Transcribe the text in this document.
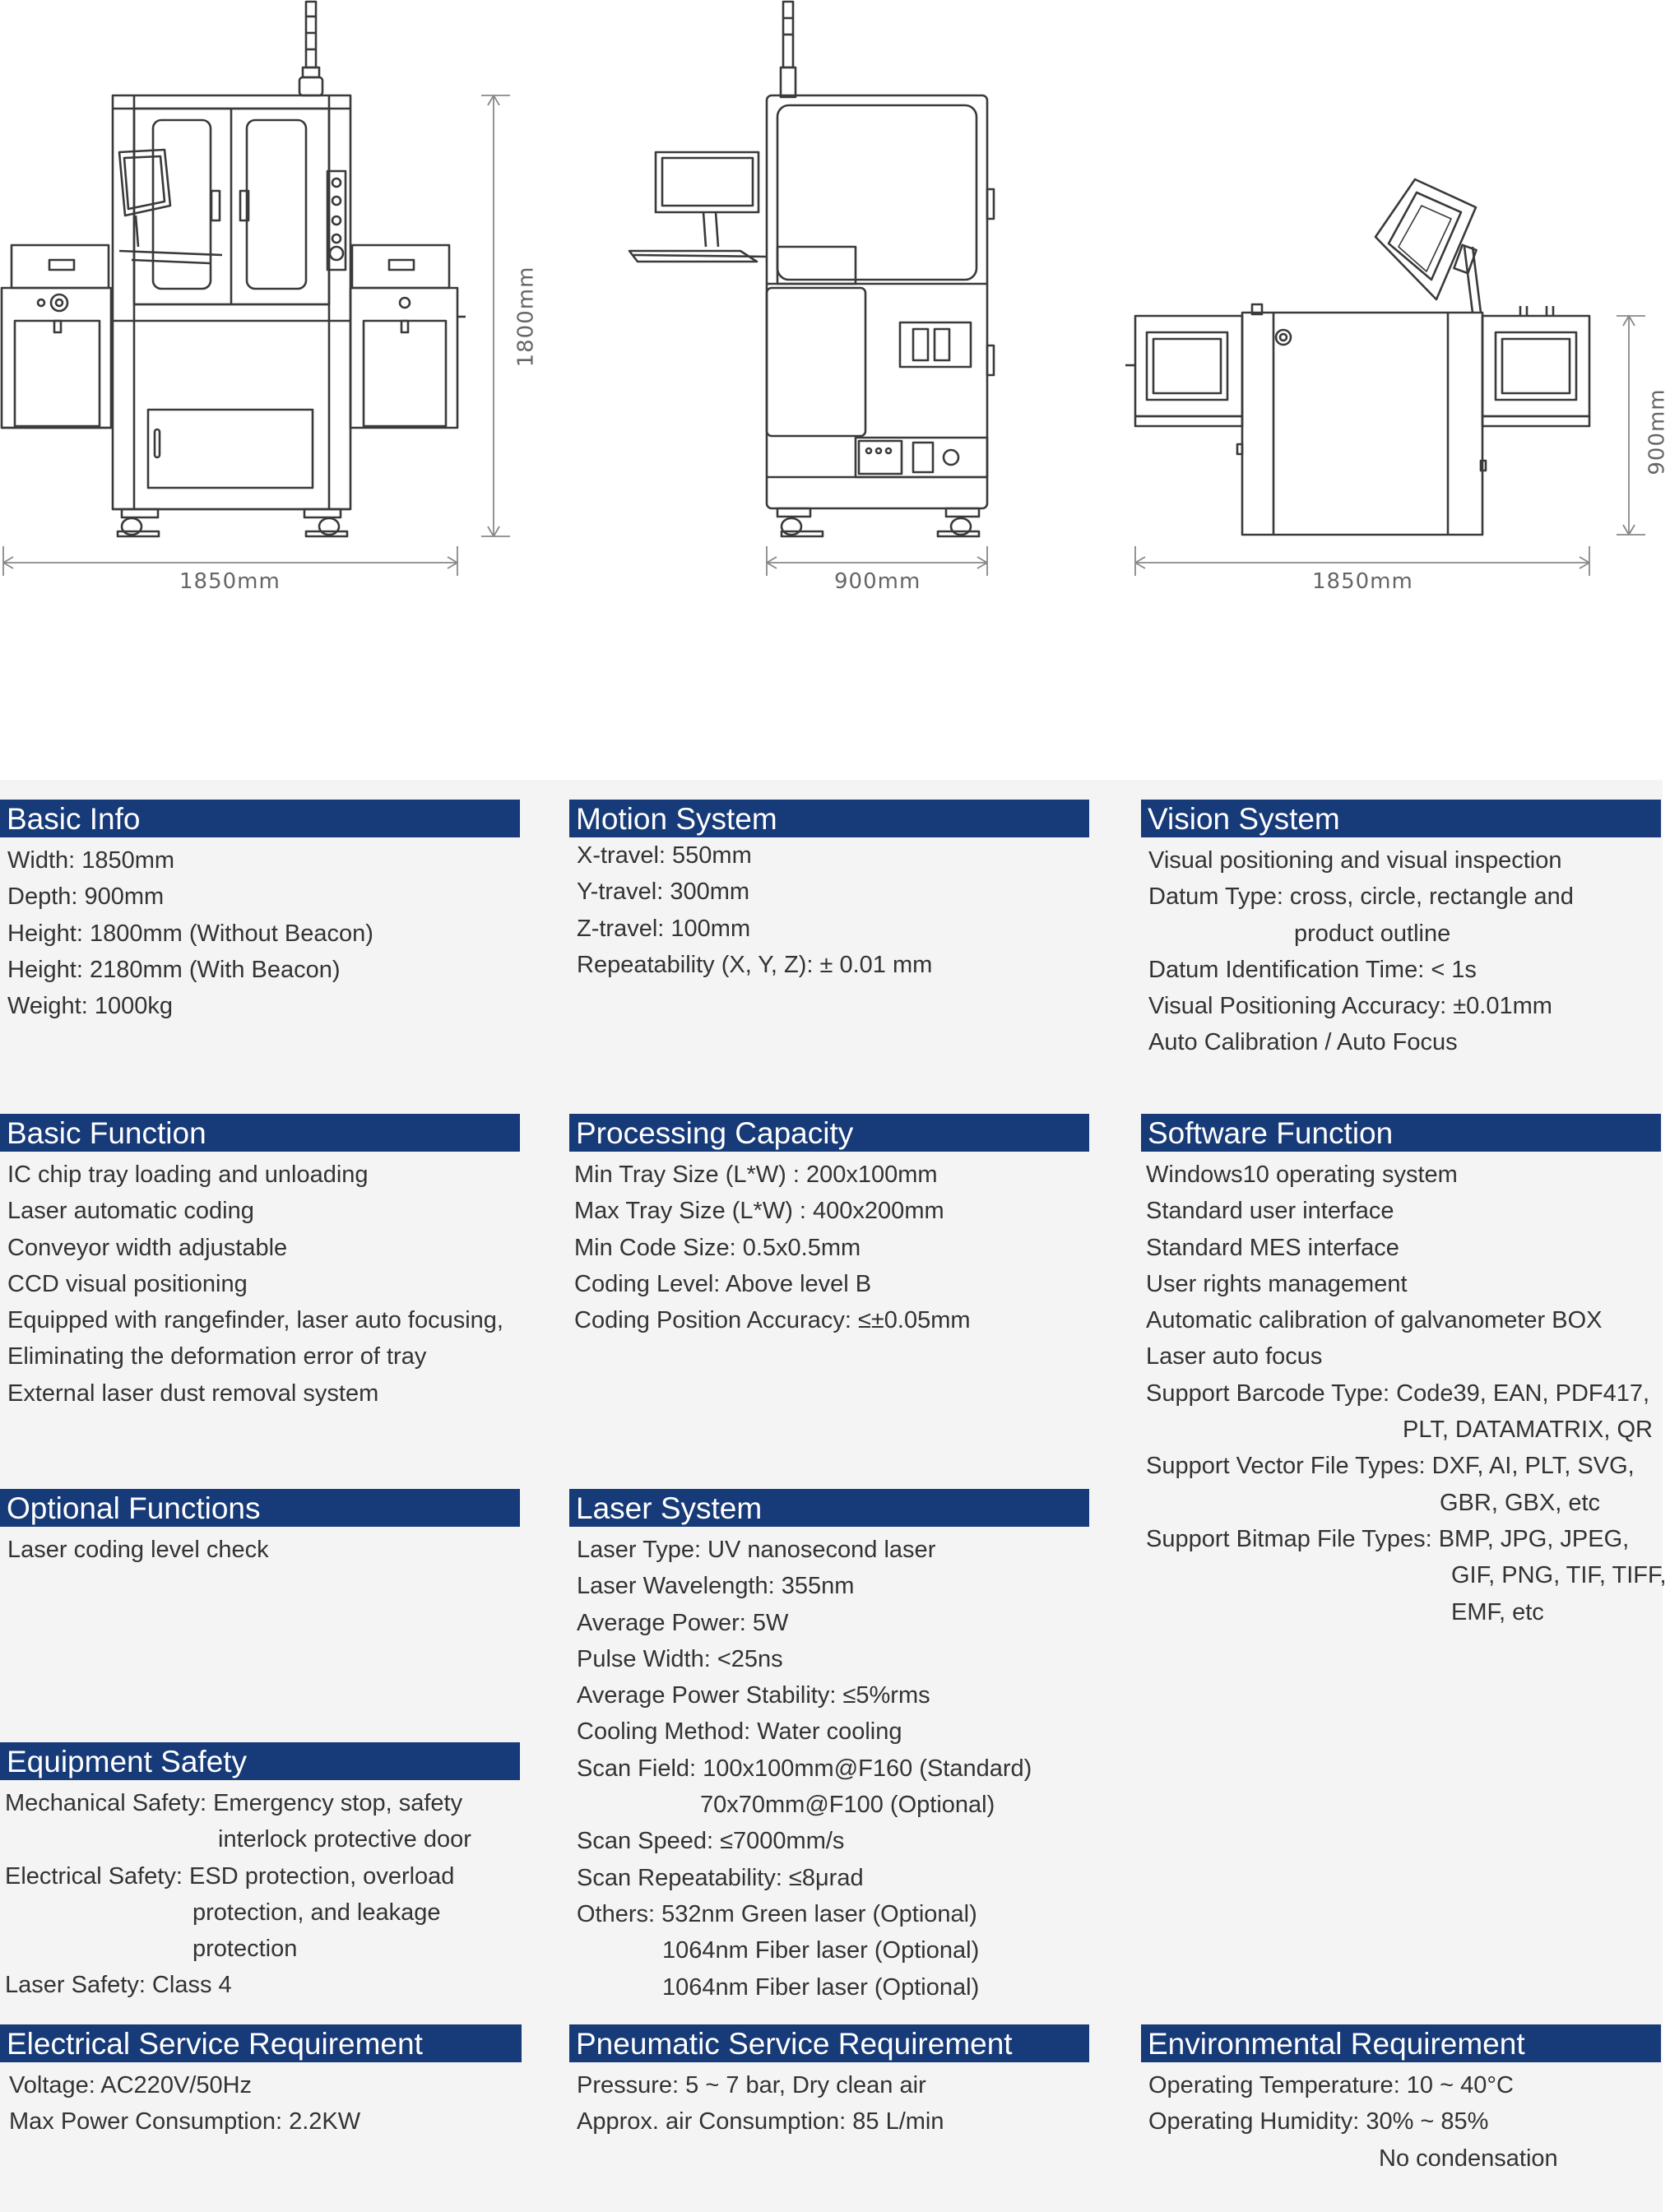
1850mm
1800mm
900mm	1850mm
900mm
Basic Info
Width: 1850mm
Depth: 900mm
Height: 1800mm (Without Beacon)
Height: 2180mm (With Beacon)
Weight: 1000kg
Motion System
X-travel: 550mm
Y-travel: 300mm
Z-travel: 100mm
Repeatability (X, Y, Z): ± 0.01 mm
Vision System
Visual positioning and visual inspection
Datum Type: cross, circle, rectangle and
product outline
Datum Identification Time: < 1s
Visual Positioning Accuracy: ±0.01mm
Auto Calibration / Auto Focus
Basic Function
IC chip tray loading and unloading
Laser automatic coding
Conveyor width adjustable
CCD visual positioning
Equipped with rangefinder, laser auto focusing,
Eliminating the deformation error of tray
External laser dust removal system
Processing Capacity
Min Tray Size (L*W) : 200x100mm
Max Tray Size (L*W) : 400x200mm
Min Code Size: 0.5x0.5mm
Coding Level: Above level B
Coding Position Accuracy: ≤±0.05mm
Software Function
Windows10 operating system
Standard user interface
Standard MES interface
User rights management
Automatic calibration of galvanometer BOX
Laser auto focus
Support Barcode Type: Code39, EAN, PDF417,
PLT, DATAMATRIX, QR
Support Vector File Types: DXF, AI, PLT, SVG,
GBR, GBX, etc
Support Bitmap File Types: BMP, JPG, JPEG,
GIF, PNG, TIF, TIFF,
EMF, etc
Optional Functions
Laser coding level check
Laser System
Laser Type: UV nanosecond laser
Laser Wavelength: 355nm
Average Power: 5W
Pulse Width: <25ns
Average Power Stability: ≤5%rms
Cooling Method: Water cooling
Scan Field: 100x100mm@F160 (Standard)
70x70mm@F100 (Optional)
Scan Speed: ≤7000mm/s
Scan Repeatability: ≤8μrad
Others: 532nm Green laser (Optional)
1064nm Fiber laser (Optional)
1064nm Fiber laser (Optional)
Equipment Safety
Mechanical Safety: Emergency stop, safety
interlock protective door
Electrical Safety: ESD protection, overload
protection, and leakage
protection
Laser Safety: Class 4
Electrical Service Requirement
Voltage: AC220V/50Hz
Max Power Consumption: 2.2KW
Pneumatic Service Requirement
Pressure: 5 ~ 7 bar, Dry clean air
Approx. air Consumption: 85 L/min
Environmental Requirement
Operating Temperature: 10 ~ 40°C
Operating Humidity: 30% ~ 85%
No condensation
